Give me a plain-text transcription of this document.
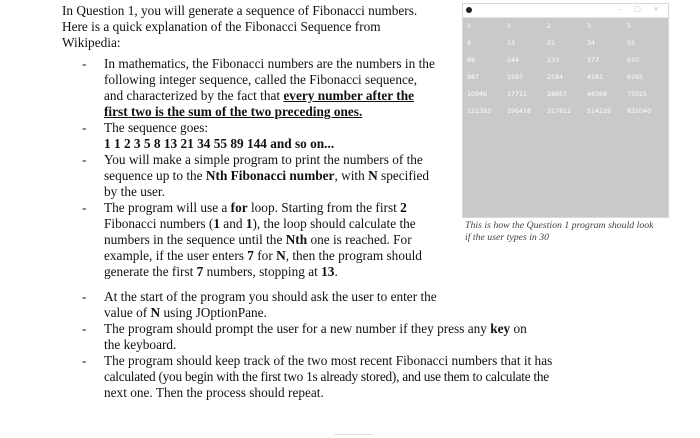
In Question 1, you will generate a sequence of Fibonacci numbers.
Here is a quick explanation of the Fibonacci Sequence from
Wikipedia:
- In mathematics, the Fibonacci numbers are the numbers in the
following integer sequence, called the Fibonacci sequence,
and characterized by the fact that every number after the
first two is the sum of the two preceding ones.
- The sequence goes:
1 1 2 3 5 8 13 21 34 55 89 144 and so on...
- You will make a simple program to print the numbers of the
sequence up to the Nth Fibonacci number, with N specified
by the user.
- The program will use a for loop. Starting from the first 2
Fibonacci numbers (1 and 1), the loop should calculate the
numbers in the sequence until the Nth one is reached. For
example, if the user enters 7 for N, then the program should
generate the first 7 numbers, stopping at 13.
- At the start of the program you should ask the user to enter the
value of N using JOptionPane.
- The program should prompt the user for a new number if they press any key on
the keyboard.
- The program should keep track of the two most recent Fibonacci numbers that it has
calculated (you begin with the first two 1s already stored), and use them to calculate the
next one. Then the process should repeat.
– □ ×
1	1	2	3	5
8	13	21	34	55
89	144	233	377	610
987	1597	2584	4181	6765
10946	17711	28657	46368	75025
121393	196418	317811	514229	832040
This is how the Question 1 program should look
if the user types in 30
